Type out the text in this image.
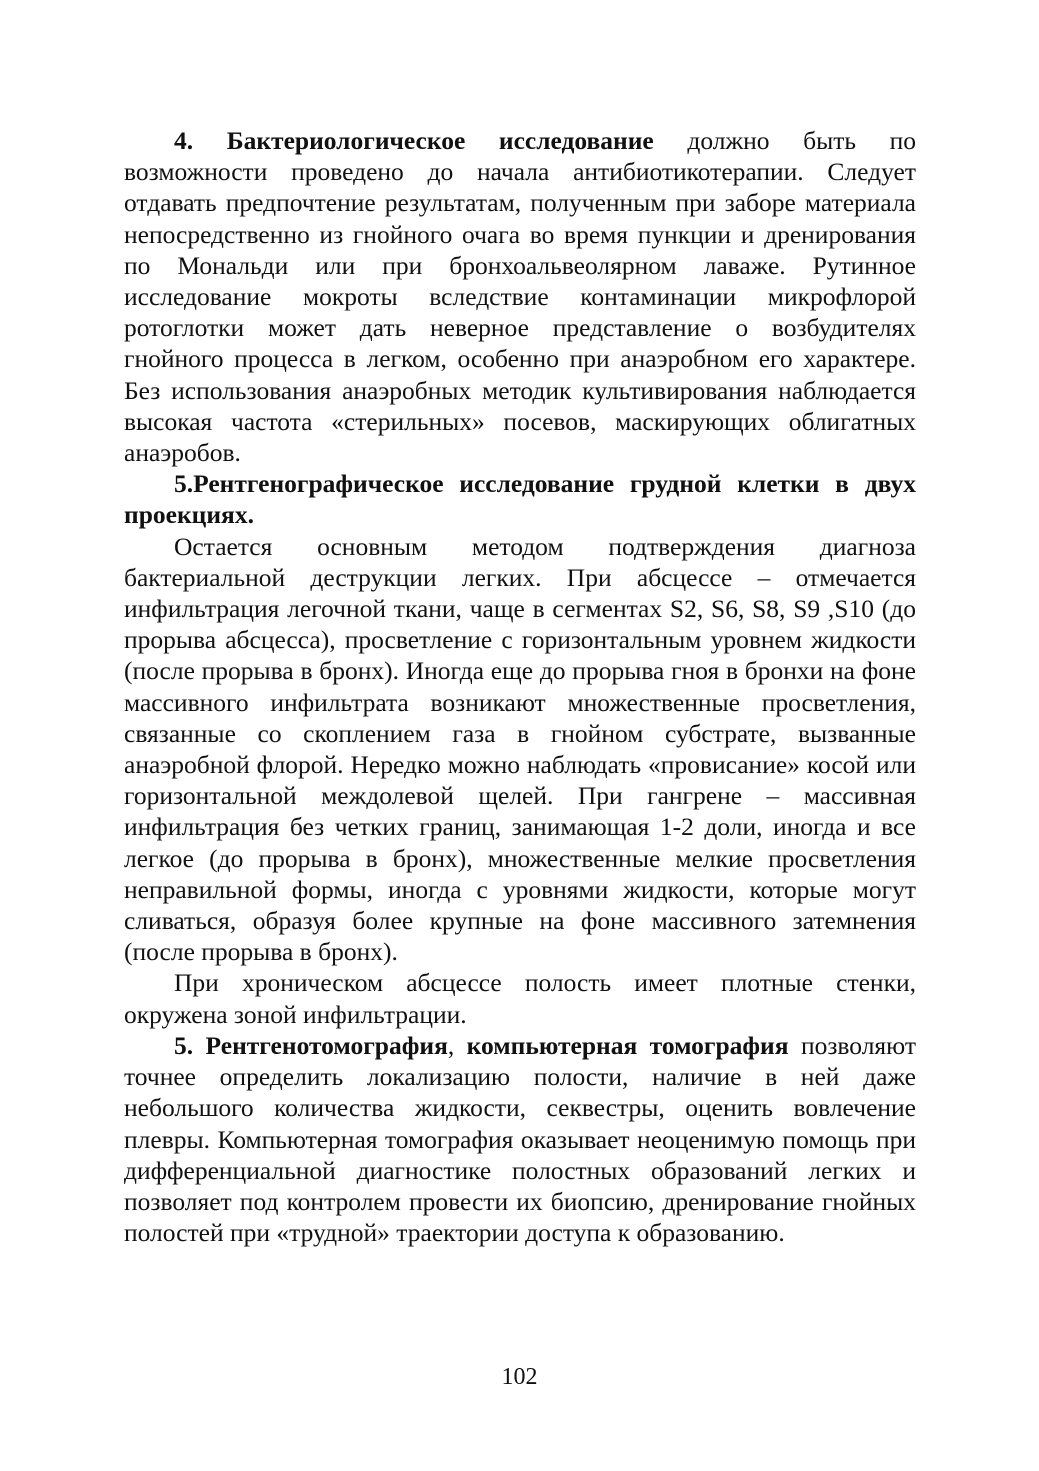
4. Бактериологическое исследование должно быть по возможности проведено до начала антибиотикотерапии. Следует отдавать предпочтение результатам, полученным при заборе материала непосредственно из гнойного очага во время пункции и дренирования по Мональди или при бронхоальвеолярном лаваже. Рутинное исследование мокроты вследствие контаминации микрофлорой ротоглотки может дать неверное представление о возбудителях гнойного процесса в легком, особенно при анаэробном его характере. Без использования анаэробных методик культивирования наблюдается высокая частота «стерильных» посевов, маскирующих облигатных анаэробов.

5.Рентгенографическое исследование грудной клетки в двух проекциях.

Остается основным методом подтверждения диагноза бактериальной деструкции легких. При абсцессе – отмечается инфильтрация легочной ткани, чаще в сегментах S2, S6, S8, S9 ,S10 (до прорыва абсцесса), просветление с горизонтальным уровнем жидкости (после прорыва в бронх). Иногда еще до прорыва гноя в бронхи на фоне массивного инфильтрата возникают множественные просветления, связанные со скоплением газа в гнойном субстрате, вызванные анаэробной флорой. Нередко можно наблюдать «провисание» косой или горизонтальной междолевой щелей. При гангрене – массивная инфильтрация без четких границ, занимающая 1-2 доли, иногда и все легкое (до прорыва в бронх), множественные мелкие просветления неправильной формы, иногда с уровнями жидкости, которые могут сливаться, образуя более крупные на фоне массивного затемнения (после прорыва в бронх).

При хроническом абсцессе полость имеет плотные стенки, окружена зоной инфильтрации.

5. Рентгенотомография, компьютерная томография позволяют точнее определить локализацию полости, наличие в ней даже небольшого количества жидкости, секвестры, оценить вовлечение плевры. Компьютерная томография оказывает неоценимую помощь при дифференциальной диагностике полостных образований легких и позволяет под контролем провести их биопсию, дренирование гнойных полостей при «трудной» траектории доступа к образованию.

102
